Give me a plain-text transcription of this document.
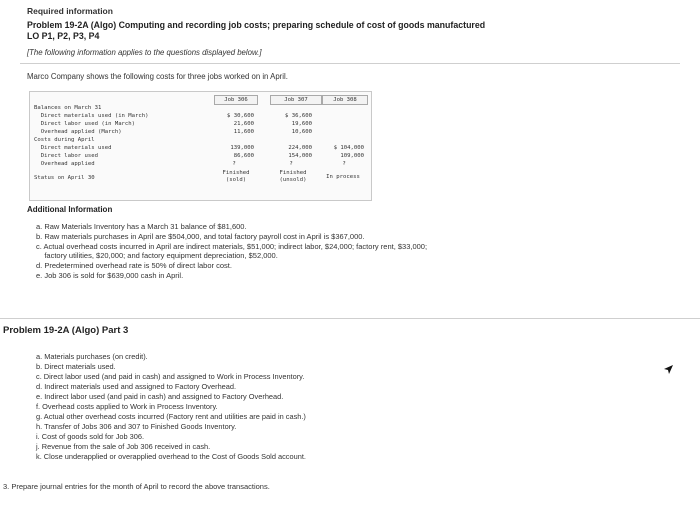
Required information
Problem 19-2A (Algo) Computing and recording job costs; preparing schedule of cost of goods manufactured LO P1, P2, P3, P4
[The following information applies to the questions displayed below.]
Marco Company shows the following costs for three jobs worked on in April.
Job 306	Job 307	Job 308
Balances on March 31
Direct materials used (in March)
Direct labor used (in March)
Overhead applied (March)
Costs during April
Direct materials used
Direct labor used
Overhead applied
Status on April 30
$ 30,600
21,600
11,600
139,000
86,600
?
Finished
(sold)
$ 36,600
19,600
10,600
224,000
154,000
?
Finished
(unsold)
$ 104,000
109,000
?
In process
Additional Information
a. Raw Materials Inventory has a March 31 balance of $81,600.
b. Raw materials purchases in April are $504,000, and total factory payroll cost in April is $367,000.
c. Actual overhead costs incurred in April are indirect materials, $51,000; indirect labor, $24,000; factory rent, $33,000;
factory utilities, $20,000; and factory equipment depreciation, $52,000.
d. Predetermined overhead rate is 50% of direct labor cost.
e. Job 306 is sold for $639,000 cash in April.
Problem 19-2A (Algo) Part 3
a. Materials purchases (on credit).
b. Direct materials used.
c. Direct labor used (and paid in cash) and assigned to Work in Process Inventory.
d. Indirect materials used and assigned to Factory Overhead.
e. Indirect labor used (and paid in cash) and assigned to Factory Overhead.
f. Overhead costs applied to Work in Process Inventory.
g. Actual other overhead costs incurred (Factory rent and utilities are paid in cash.)
h. Transfer of Jobs 306 and 307 to Finished Goods Inventory.
i. Cost of goods sold for Job 306.
j. Revenue from the sale of Job 306 received in cash.
k. Close underapplied or overapplied overhead to the Cost of Goods Sold account.
3. Prepare journal entries for the month of April to record the above transactions.
